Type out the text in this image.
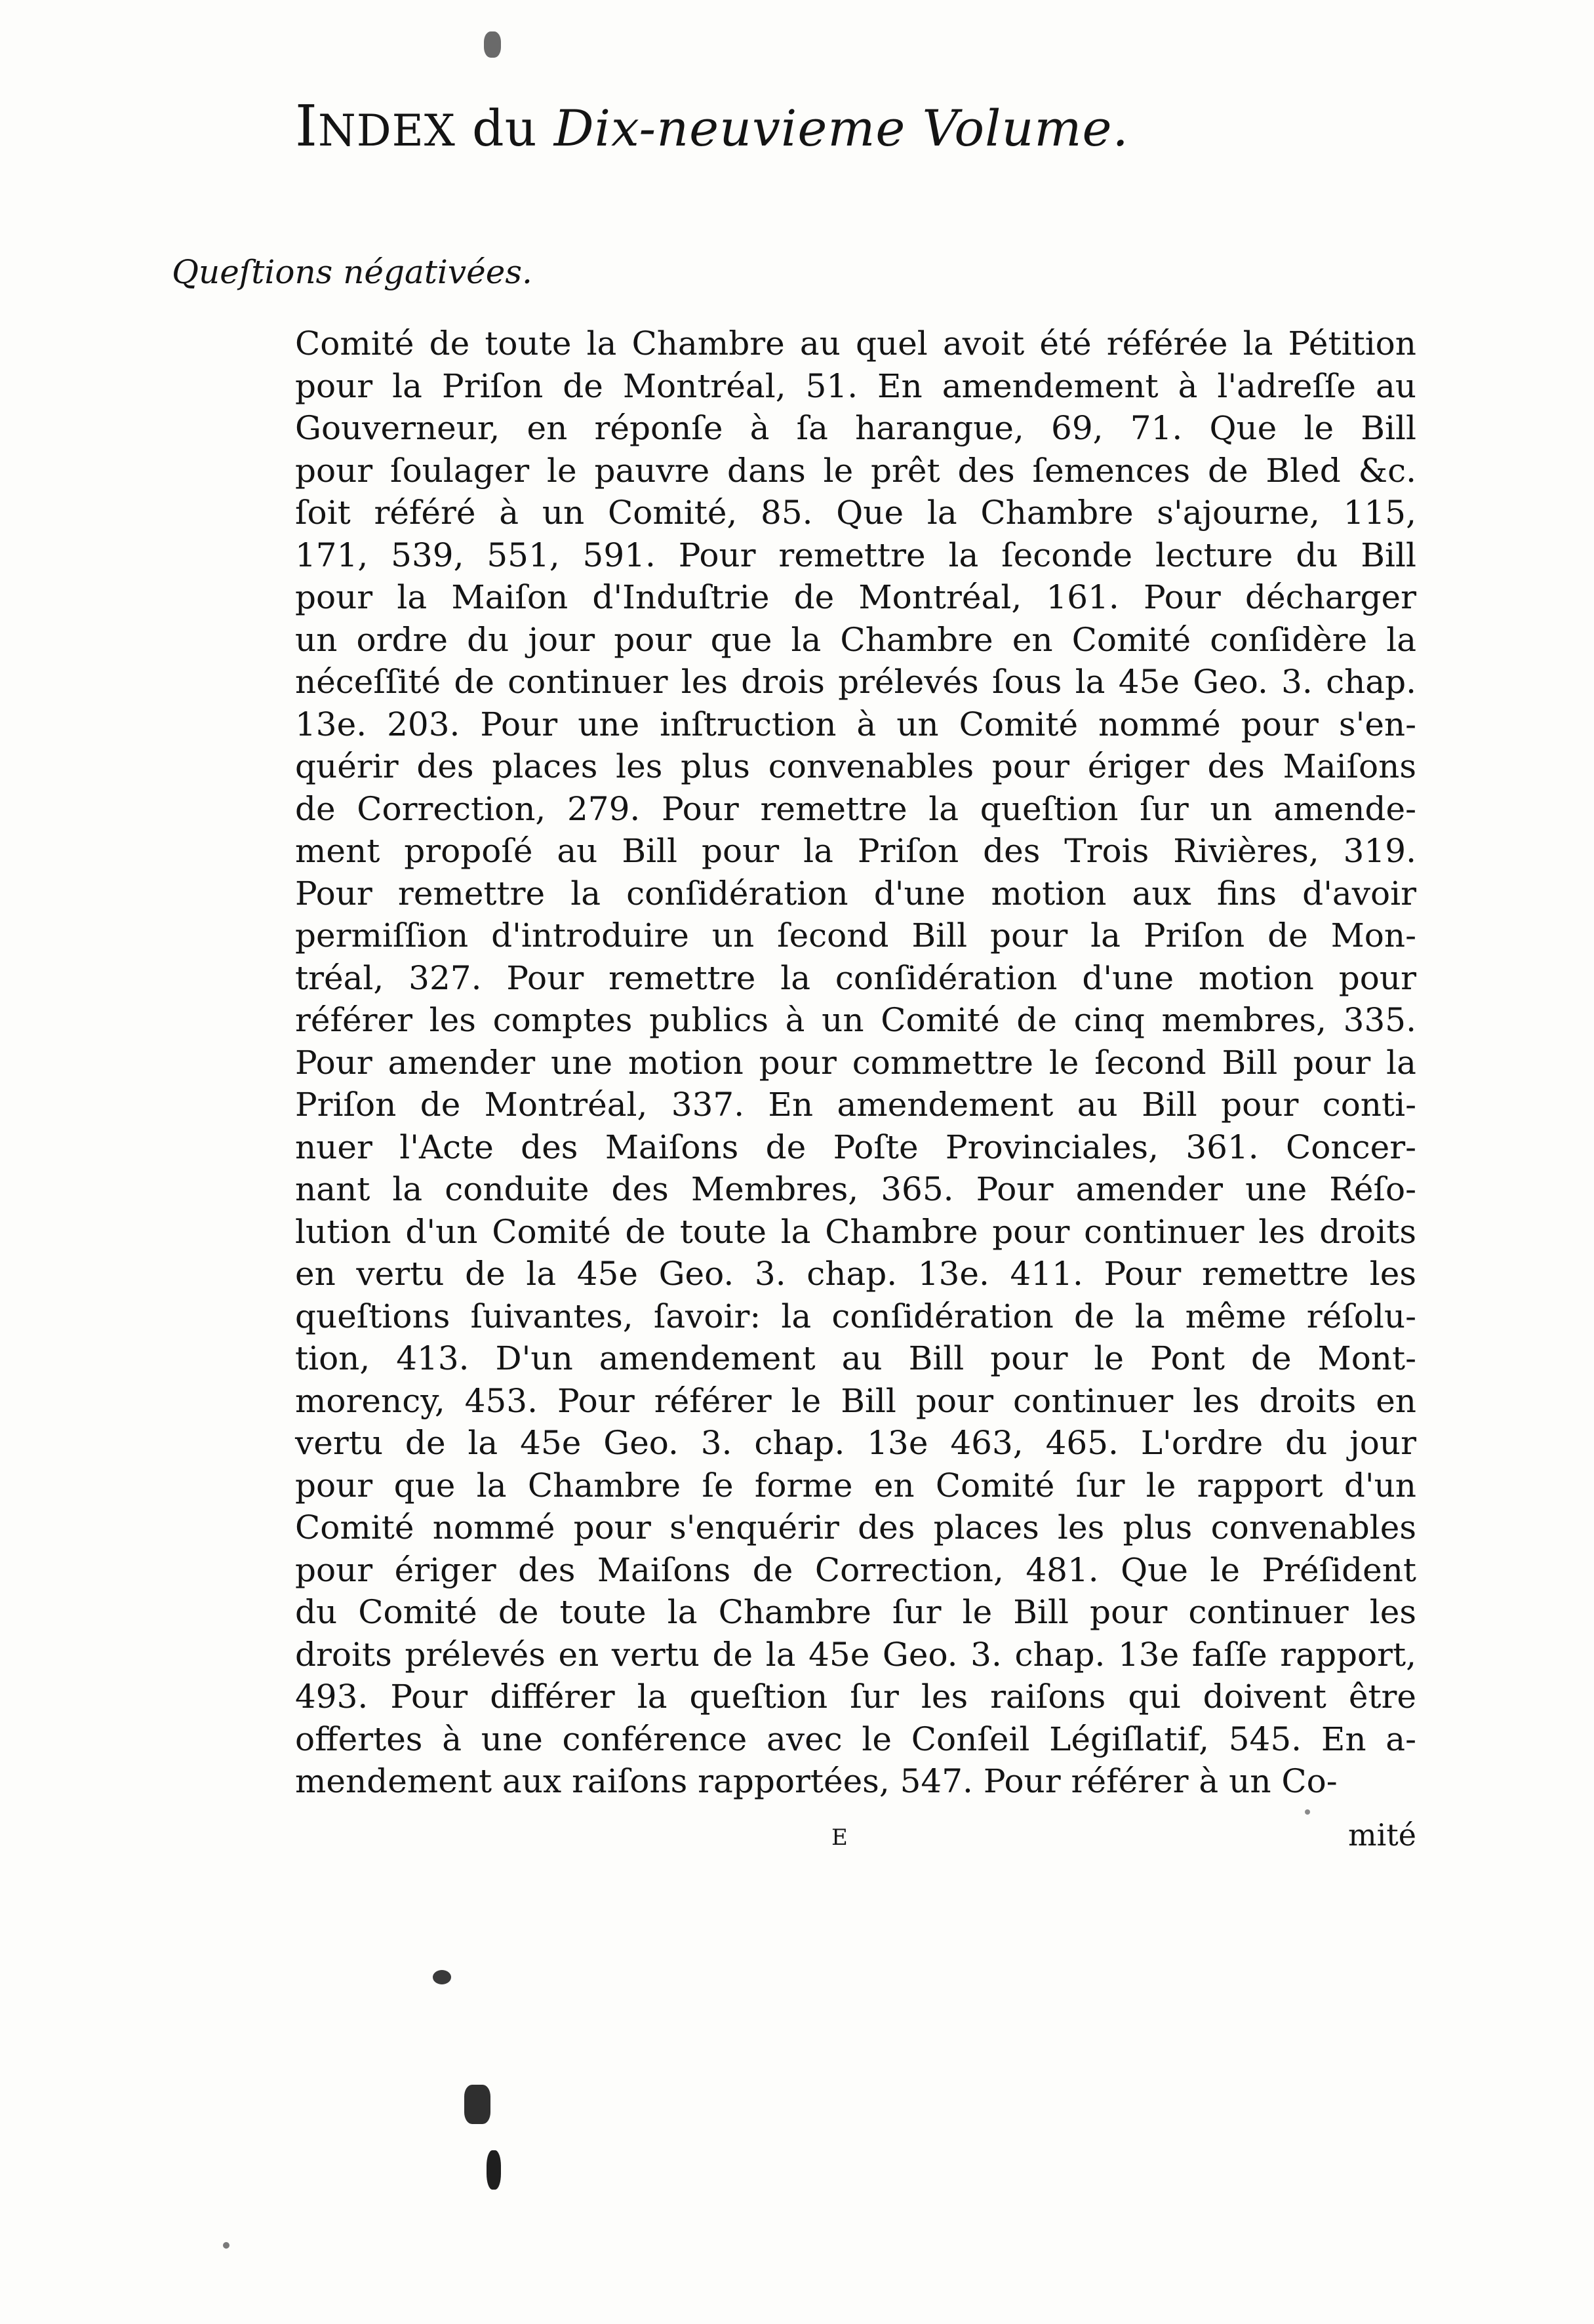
INDEX du Dix-neuvieme Volume.
Queſtions négativées.
Comité de toute la Chambre au quel avoit été référée la Pétition
pour la Priſon de Montréal, 51. En amendement à l'adreſſe au
Gouverneur, en réponſe à ſa harangue, 69, 71. Que le Bill
pour ſoulager le pauvre dans le prêt des ſemences de Bled &c.
ſoit référé à un Comité, 85. Que la Chambre s'ajourne, 115,
171, 539, 551, 591. Pour remettre la ſeconde lecture du Bill
pour la Maiſon d'Induſtrie de Montréal, 161. Pour décharger
un ordre du jour pour que la Chambre en Comité conſidère la
néceſſité de continuer les drois prélevés ſous la 45e Geo. 3. chap.
13e. 203. Pour une inſtruction à un Comité nommé pour s'en-
quérir des places les plus convenables pour ériger des Maiſons
de Correction, 279. Pour remettre la queſtion ſur un amende-
ment propoſé au Bill pour la Priſon des Trois Rivières, 319.
Pour remettre la conſidération d'une motion aux fins d'avoir
permiſſion d'introduire un ſecond Bill pour la Priſon de Mon-
tréal, 327. Pour remettre la conſidération d'une motion pour
référer les comptes publics à un Comité de cinq membres, 335.
Pour amender une motion pour commettre le ſecond Bill pour la
Priſon de Montréal, 337. En amendement au Bill pour conti-
nuer l'Acte des Maiſons de Poſte Provinciales, 361. Concer-
nant la conduite des Membres, 365. Pour amender une Réſo-
lution d'un Comité de toute la Chambre pour continuer les droits
en vertu de la 45e Geo. 3. chap. 13e. 411. Pour remettre les
queſtions ſuivantes, ſavoir: la conſidération de la même réſolu-
tion, 413. D'un amendement au Bill pour le Pont de Mont-
morency, 453. Pour référer le Bill pour continuer les droits en
vertu de la 45e Geo. 3. chap. 13e 463, 465. L'ordre du jour
pour que la Chambre ſe forme en Comité ſur le rapport d'un
Comité nommé pour s'enquérir des places les plus convenables
pour ériger des Maiſons de Correction, 481. Que le Préſident
du Comité de toute la Chambre ſur le Bill pour continuer les
droits prélevés en vertu de la 45e Geo. 3. chap. 13e faſſe rapport,
493. Pour différer la queſtion ſur les raiſons qui doivent être
offertes à une conférence avec le Conſeil Légiſlatif, 545. En a-
mendement aux raiſons rapportées, 547. Pour référer à un Co-
mité
E
